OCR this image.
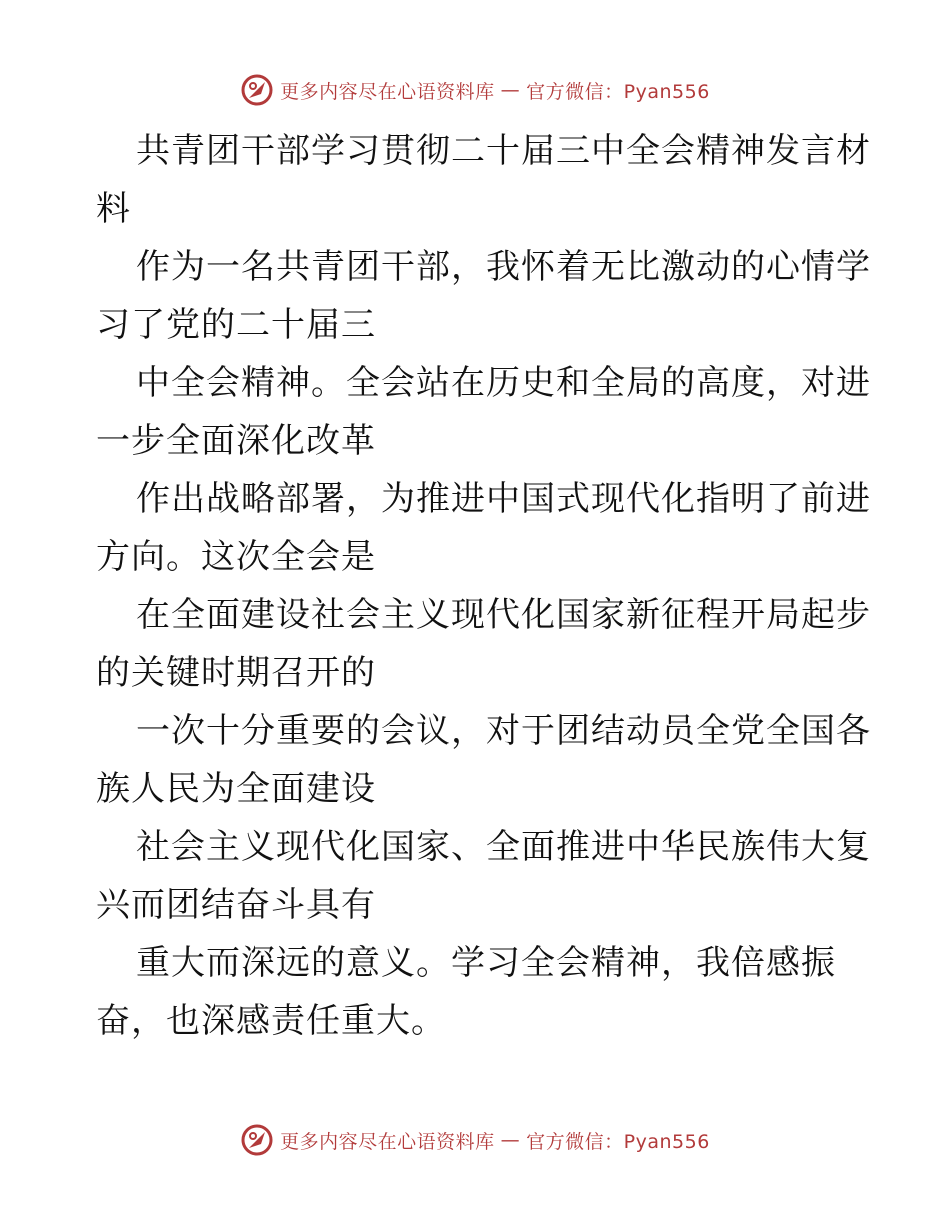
更多内容尽在心语资料库 — 官方微信：Pyan556
共青团干部学习贯彻二十届三中全会精神发言材
料
作为一名共青团干部，我怀着无比激动的心情学
习了党的二十届三
中全会精神。全会站在历史和全局的高度，对进
一步全面深化改革
作出战略部署，为推进中国式现代化指明了前进
方向。这次全会是
在全面建设社会主义现代化国家新征程开局起步
的关键时期召开的
一次十分重要的会议，对于团结动员全党全国各
族人民为全面建设
社会主义现代化国家、全面推进中华民族伟大复
兴而团结奋斗具有
重大而深远的意义。学习全会精神，我倍感振
奋，也深感责任重大。
更多内容尽在心语资料库 — 官方微信：Pyan556
